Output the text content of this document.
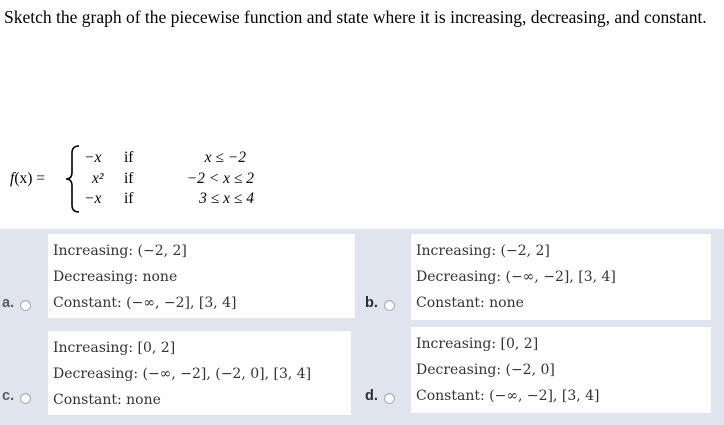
Sketch the graph of the piecewise function and state where it is increasing, decreasing, and constant.
f(x) =
−x if	x ≤ −2
x² if	−2 < x ≤ 2
−x if	3 ≤ x ≤ 4
a.
Increasing: (−2, 2]
Decreasing: none
Constant: (−∞, −2], [3, 4]	b.
Increasing: (−2, 2]
Decreasing: (−∞, −2], [3, 4]
Constant: none
c.
Increasing: [0, 2]
Decreasing: (−∞, −2], (−2, 0], [3, 4]
Constant: none	d.
Increasing: [0, 2]
Decreasing: (−2, 0]
Constant: (−∞, −2], [3, 4]
